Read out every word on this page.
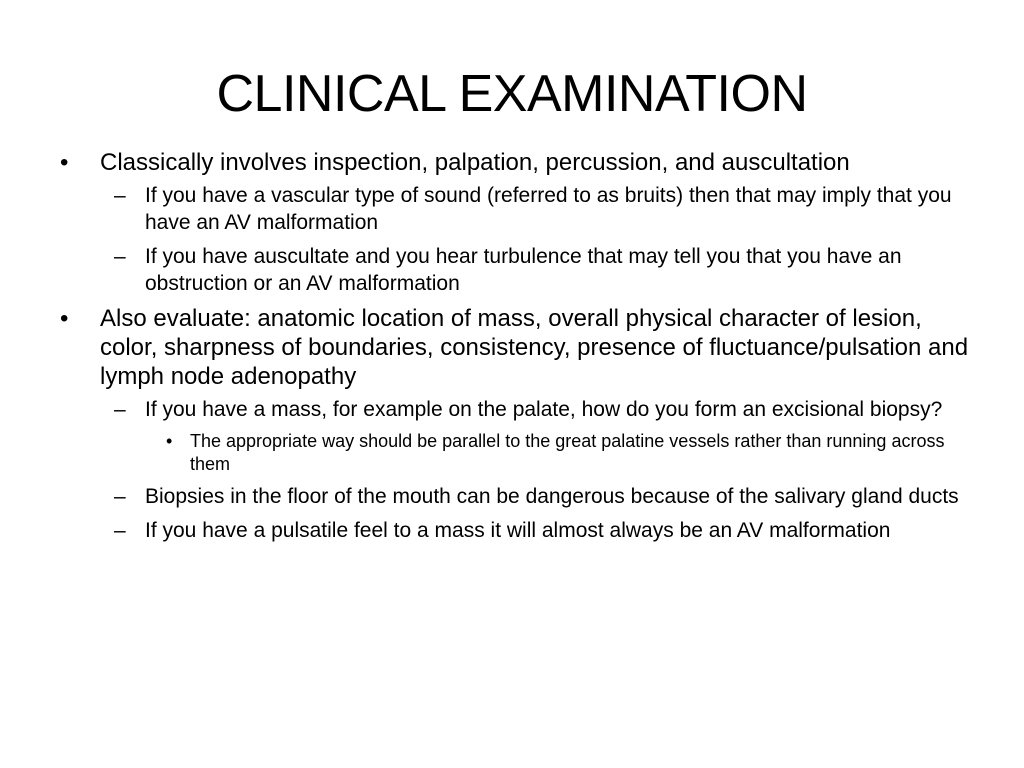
CLINICAL EXAMINATION
• Classically involves inspection, palpation, percussion, and auscultation
– If you have a vascular type of sound (referred to as bruits) then that may imply that you have an AV malformation
– If you have auscultate and you hear turbulence that may tell you that you have an obstruction or an AV malformation
• Also evaluate: anatomic location of mass, overall physical character of lesion, color, sharpness of boundaries, consistency, presence of fluctuance/pulsation and lymph node adenopathy
– If you have a mass, for example on the palate, how do you form an excisional biopsy?
• The appropriate way should be parallel to the great palatine vessels rather than running across them
– Biopsies in the floor of the mouth can be dangerous because of the salivary gland ducts
– If you have a pulsatile feel to a mass it will almost always be an AV malformation
